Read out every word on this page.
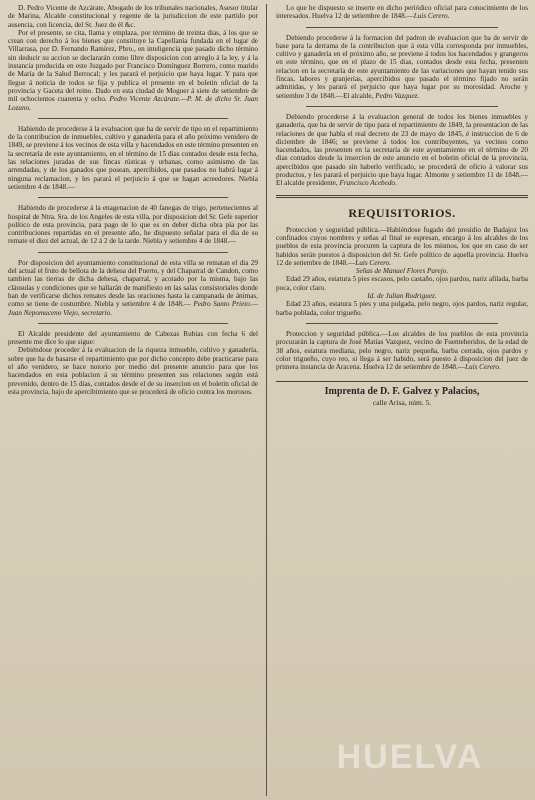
D. Pedro Vicente de Azcárate, Abogado de los tribunales nacionales, Asesor titular de Marina, Alcalde constitucional y regente de la jurisdiccion de este partido por ausencia, con licencia, del Sr. Juez de él &c.

Por el presente, se cita, llama y emplaza, por término de treinta dias, á los que se crean con derecho á los bienes que constituye la Capellanía fundada en el lugar de Villarrasa, por D. Fernando Ramírez, Pbro., en inteligencia que pasado dicho término sin deducir su accion se declararán como libre disposicion con arreglo á la ley, y á la instancia producida en este Juzgado por Francisco Domínguez Borrero, como marido de María de la Salud Berrocal; y les parará el perjuicio que haya lugar. Y para que llegue á noticia de todos se fija y publica el presente en el boletin oficial de la provincia y Gaceta del reino. Dado en esta ciudad de Moguer á siete de setiembre de mil ochocientos cuarenta y ocho. Pedro Vicente Azcárate.—P. M. de dicho Sr. Juan Lozano.

Habiendo de procederse á la evaluacion que ha de servir de tipo en el repartimiento de la contribucion de inmuebles, cultivo y ganadería para el año próximo venidero de 1849, se previene á los vecinos de esta villa y hacendados en este término presenten en la secretaría de este ayuntamiento, en el término de 15 dias contados desde esta fecha, las relaciones juradas de sus fincas rústicas y urbanas, como asimismo de las arrendadas, y de los ganados que posean, apercibidos, que pasados no habrá lugar á ninguna reclamacion, y les parará el perjuicio á que se hagan acreedores. Niebla setiembre 4 de 1848.—

Habiendo de procederse á la enagenacion de 40 fanegas de trigo, pertenecientes al hospital de Ntra. Sra. de los Angeles de esta villa, por disposicion del Sr. Gefe superior político de esta provincia, para pago de lo que es en deber dicha obra pía por las contribuciones repartidas en el presente año, he dispuesto señalar para el dia de su remate el diez del actual, de 12 á 2 de la tarde. Niebla y setiembre 4 de 1848.—

Por disposicion del ayuntamiento constitucional de esta villa se rematan el dia 29 del actual el fruto de bellota de la dehesa del Puerto, y del Chaparral de Candon, como tambien las tierras de dicha dehesa, chaparral, y acotado por la misma, bajo las cláusulas y condiciones que se hallarán de manifiesto en las salas consistoriales donde han de verificarse dichos remates desde las oraciones hasta la campanada de ánimas, como se tiene de costumbre. Niebla y setiembre 4 de 1848.— Pedro Santo Prieto.—Juan Nepomuceno Viejo, secretario.

El Alcalde presidente del ayuntamiento de Cabezas Rubias con fecha 6 del presente me dice lo que sigue:

Debiéndose proceder á la evaluacion de la riqueza inmueble, cultivo y ganadería, sobre que ha de basarse el repartimiento que por dicho concepto debe practicarse para el año venidero, se hace notorio por medio del presente anuncio para que los hacendados en esta poblacion á su término presenten sus relaciones según está prevenido, dentro de 15 dias, contados desde el de su insercion en el boletin oficial de esta provincia, bajo de apercibimiento que se procederá de oficio contra los morosos.

Lo que he dispuesto se inserte en dicho periódico oficial para conocimiento de los interesados. Huelva 12 de setiembre de 1848.—Luis Cerero.

Debiendo procederse á la formacion del padron de evaluacion que ha de servir de base para la derrama de la contribucion que á esta villa corresponda por inmuebles, cultivo y ganadería en el próximo año, se previene á todos los hacendados y grangeros en este término, que en el plazo de 15 dias, contados desde esta fecha, presenten relacion en la secretaría de este ayuntamiento de las variaciones que hayan tenido sus fincas, labores y granjerías, apercibidos que pasado el término fijado no serán admitidas, y les parará el perjuicio que haya lugar por su morosidad. Aroche y setiembre 3 de 1848.—El alcalde, Pedro Vazquez.

Debiendo procederse á la evaluacion general de todos los bienes inmuebles y ganadería, que ha de servir de tipo para el repartimiento de 1849, la presentacion de las relaciones de que habla el real decreto de 23 de mayo de 1845, é instruccion de 6 de diciembre de 1846; se previene á todos los contribuyentes, ya vecinos como hacendados, las presenten en la secretaría de este ayuntamiento en el término de 20 dias contados desde la insercion de este anuncio en el boletin oficial de la provincia, apercibidos que pasado sin haberlo verificado, se procederá de oficio á valorar sus productos, y les parará el perjuicio que haya lugar. Almonte y setiembre 11 de 1848.—El alcalde presidente, Francisco Acebedo.

REQUISITORIOS.

Proteccion y seguridad pública.—Habiéndose fugado del presidio de Badajoz los confinados cuyos nombres y señas al final se espresan, encargo á los alcaldes de los pueblos de esta provincia procuren la captura de los mismos, los que en caso de ser habidos serán puestos á disposicion del Sr. Gefe político de aquella provincia. Huelva 12 de setiembre de 1848.—Luis Cerero.

Señas de Manuel Flores Parejo.

Edad 29 años, estatura 5 pies escasos, pelo castaño, ojos pardos, nariz afilada, barba poca, color claro.

Id. de Julian Rodriguez.

Edad 23 años, estatura 5 pies y una pulgada, pelo negro, ojos pardos, nariz regular, barba poblada, color trigueño.

Proteccion y seguridad pública.—Los alcaldes de los pueblos de esta provincia procurarán la captura de José Matías Vazquez, vecino de Fuenteheridos, de la edad de 38 años, estatura mediana, pelo negro, nariz pequeña, barba cerrada, ojos pardos y color trigueño, cuyo reo, si llega á ser habido, será puesto á disposicion del juez de primera instancia de Aracena. Huelva 12 de setiembre de 1848.—Luis Cerero.

Imprenta de D. F. Galvez y Palacios,
calle Arisa, núm. 5.
HUELVA
